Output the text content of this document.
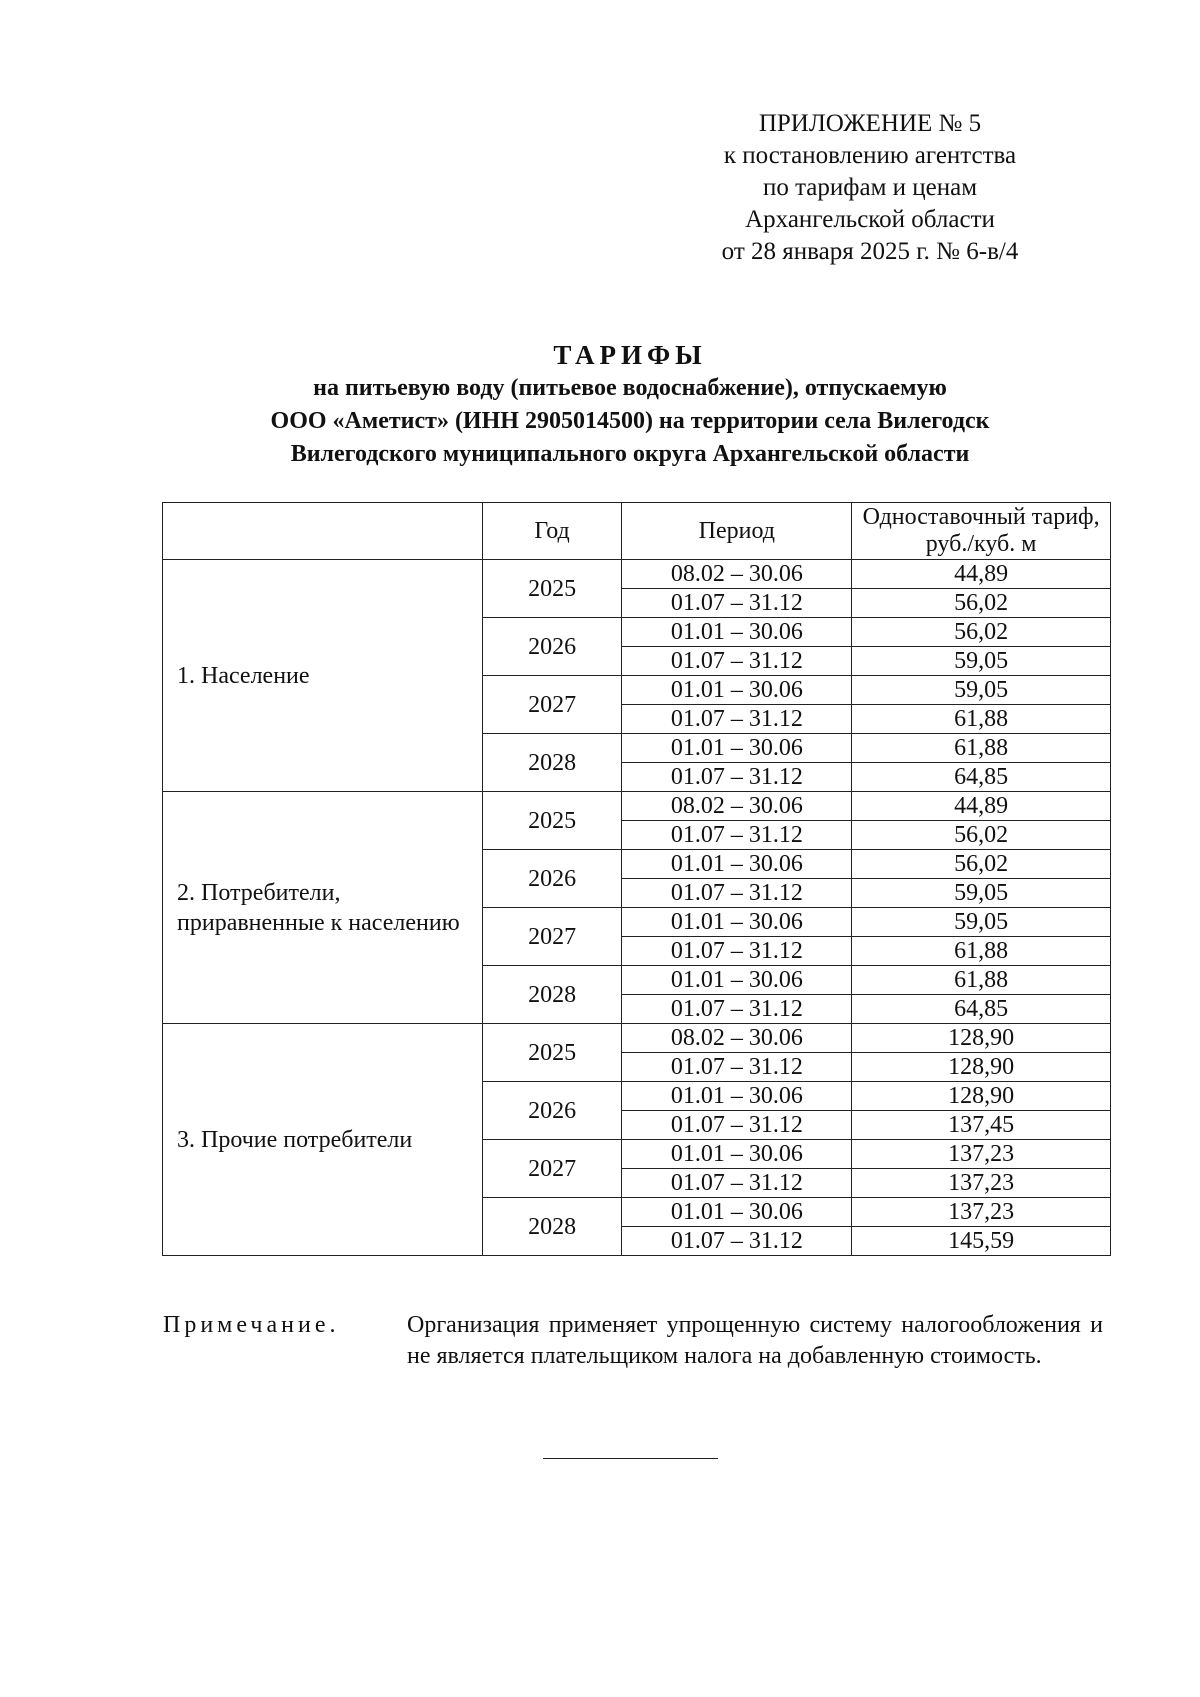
ПРИЛОЖЕНИЕ № 5
к постановлению агентства
по тарифам и ценам
Архангельской области
от 28 января 2025 г. № 6-в/4
ТАРИФЫ
на питьевую воду (питьевое водоснабжение), отпускаемую
ООО «Аметист» (ИНН 2905014500) на территории села Вилегодск
Вилегодского муниципального округа Архангельской области
	Год	Период	Одноставочный тариф,
руб./куб. м
1. Население	2025	08.02 – 30.06	44,89
		01.07 – 31.12	56,02
	2026	01.01 – 30.06	56,02
		01.07 – 31.12	59,05
	2027	01.01 – 30.06	59,05
		01.07 – 31.12	61,88
	2028	01.01 – 30.06	61,88
		01.07 – 31.12	64,85
2. Потребители,
приравненные к населению	2025	08.02 – 30.06	44,89
		01.07 – 31.12	56,02
	2026	01.01 – 30.06	56,02
		01.07 – 31.12	59,05
	2027	01.01 – 30.06	59,05
		01.07 – 31.12	61,88
	2028	01.01 – 30.06	61,88
		01.07 – 31.12	64,85
3. Прочие потребители	2025	08.02 – 30.06	128,90
		01.07 – 31.12	128,90
	2026	01.01 – 30.06	128,90
		01.07 – 31.12	137,45
	2027	01.01 – 30.06	137,23
		01.07 – 31.12	137,23
	2028	01.01 – 30.06	137,23
		01.07 – 31.12	145,59
Примечание.	Организация применяет упрощенную систему налогообложения и не является плательщиком налога на добавленную стоимость.
